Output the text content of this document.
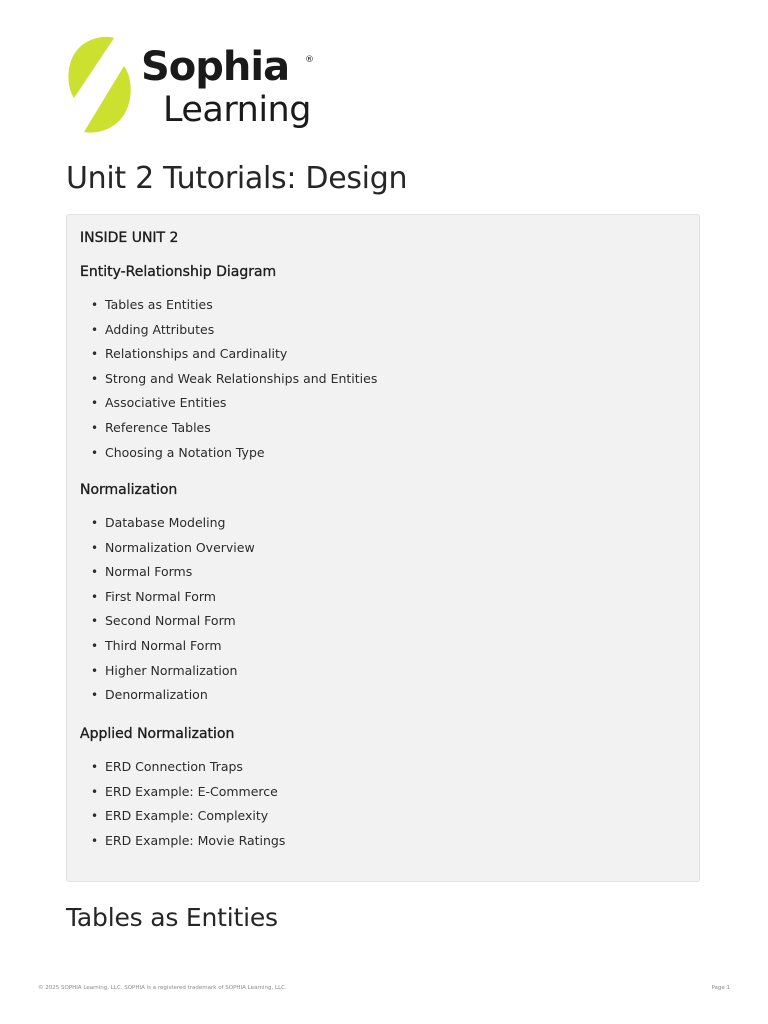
Sophia ®
Learning
Unit 2 Tutorials: Design
INSIDE UNIT 2
Entity-Relationship Diagram
• Tables as Entities
• Adding Attributes
• Relationships and Cardinality
• Strong and Weak Relationships and Entities
• Associative Entities
• Reference Tables
• Choosing a Notation Type
Normalization
• Database Modeling
• Normalization Overview
• Normal Forms
• First Normal Form
• Second Normal Form
• Third Normal Form
• Higher Normalization
• Denormalization
Applied Normalization
• ERD Connection Traps
• ERD Example: E-Commerce
• ERD Example: Complexity
• ERD Example: Movie Ratings
Tables as Entities
© 2025 SOPHIA Learning, LLC. SOPHIA is a registered trademark of SOPHIA Learning, LLC.	Page 1
